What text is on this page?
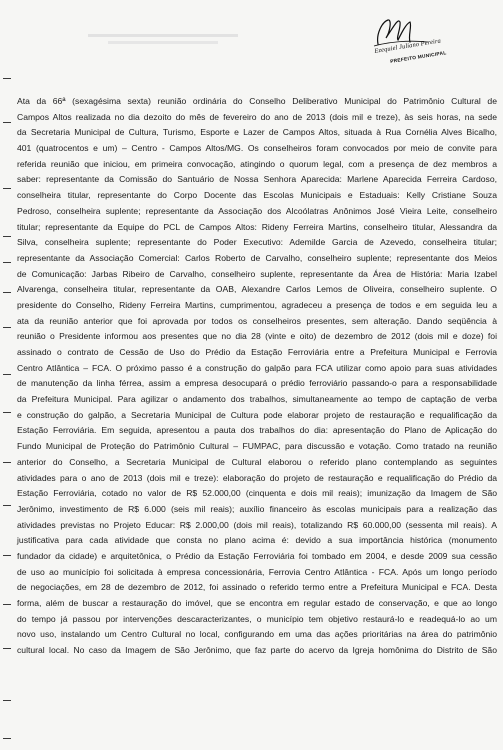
Ezequiel Juliano Pereira
PREFEITO MUNICIPAL
Ata da 66ª (sexagésima sexta) reunião ordinária do Conselho Deliberativo Municipal do Patrimônio Cultural de
Campos Altos realizada no dia dezoito do mês de fevereiro do ano de 2013 (dois mil e treze), às seis horas, na sede
da Secretaria Municipal de Cultura, Turismo, Esporte e Lazer de Campos Altos, situada à Rua Cornélia Alves Bicalho,
401 (quatrocentos e um) – Centro - Campos Altos/MG. Os conselheiros foram convocados por meio de convite para
referida reunião que iniciou, em primeira convocação, atingindo o quorum legal, com a presença de dez membros a
saber: representante da Comissão do Santuário de Nossa Senhora Aparecida: Marlene Aparecida Ferreira Cardoso,
conselheira titular, representante do Corpo Docente das Escolas Municipais e Estaduais: Kelly Cristiane Souza
Pedroso, conselheira suplente; representante da Associação dos Alcoólatras Anônimos José Vieira Leite, conselheiro
titular; representante da Equipe do PCL de Campos Altos: Rideny Ferreira Martins, conselheiro titular, Alessandra da
Silva, conselheira suplente; representante do Poder Executivo: Ademilde Garcia de Azevedo, conselheira titular;
representante da Associação Comercial: Carlos Roberto de Carvalho, conselheiro suplente; representante dos Meios
de Comunicação: Jarbas Ribeiro de Carvalho, conselheiro suplente, representante da Área de História: Maria Izabel
Alvarenga, conselheira titular, representante da OAB, Alexandre Carlos Lemos de Oliveira, conselheiro suplente. O
presidente do Conselho, Rideny Ferreira Martins, cumprimentou, agradeceu a presença de todos e em seguida leu a
ata da reunião anterior que foi aprovada por todos os conselheiros presentes, sem alteração. Dando seqüência à
reunião o Presidente informou aos presentes que no dia 28 (vinte e oito) de dezembro de 2012 (dois mil e doze) foi
assinado o contrato de Cessão de Uso do Prédio da Estação Ferroviária entre a Prefeitura Municipal e Ferrovia
Centro Atlântica – FCA. O próximo passo é a construção do galpão para FCA utilizar como apoio para suas atividades
de manutenção da linha férrea, assim a empresa desocupará o prédio ferroviário passando-o para a responsabilidade
da Prefeitura Municipal. Para agilizar o andamento dos trabalhos, simultaneamente ao tempo de captação de verba
e construção do galpão, a Secretaria Municipal de Cultura pode elaborar projeto de restauração e requalificação da
Estação Ferroviária. Em seguida, apresentou a pauta dos trabalhos do dia: apresentação do Plano de Aplicação do
Fundo Municipal de Proteção do Patrimônio Cultural – FUMPAC, para discussão e votação. Como tratado na reunião
anterior do Conselho, a Secretaria Municipal de Cultural elaborou o referido plano contemplando as seguintes
atividades para o ano de 2013 (dois mil e treze): elaboração do projeto de restauração e requalificação do Prédio da
Estação Ferroviária, cotado no valor de R$ 52.000,00 (cinquenta e dois mil reais); imunização da Imagem de São
Jerônimo, investimento de R$ 6.000 (seis mil reais); auxílio financeiro às escolas municipais para a realização das
atividades previstas no Projeto Educar: R$ 2.000,00 (dois mil reais), totalizando R$ 60.000,00 (sessenta mil reais). A
justificativa para cada atividade que consta no plano acima é: devido a sua importância histórica (monumento
fundador da cidade) e arquitetônica, o Prédio da Estação Ferroviária foi tombado em 2004, e desde 2009 sua cessão
de uso ao município foi solicitada à empresa concessionária, Ferrovia Centro Atlântica - FCA. Após um longo período
de negociações, em 28 de dezembro de 2012, foi assinado o referido termo entre a Prefeitura Municipal e FCA. Desta
forma, além de buscar a restauração do imóvel, que se encontra em regular estado de conservação, e que ao longo
do tempo já passou por intervenções descaracterizantes, o município tem objetivo restaurá-lo e readequá-lo ao um
novo uso, instalando um Centro Cultural no local, configurando em uma das ações prioritárias na área do patrimônio
cultural local. No caso da Imagem de São Jerônimo, que faz parte do acervo da Igreja homônima do Distrito de São
